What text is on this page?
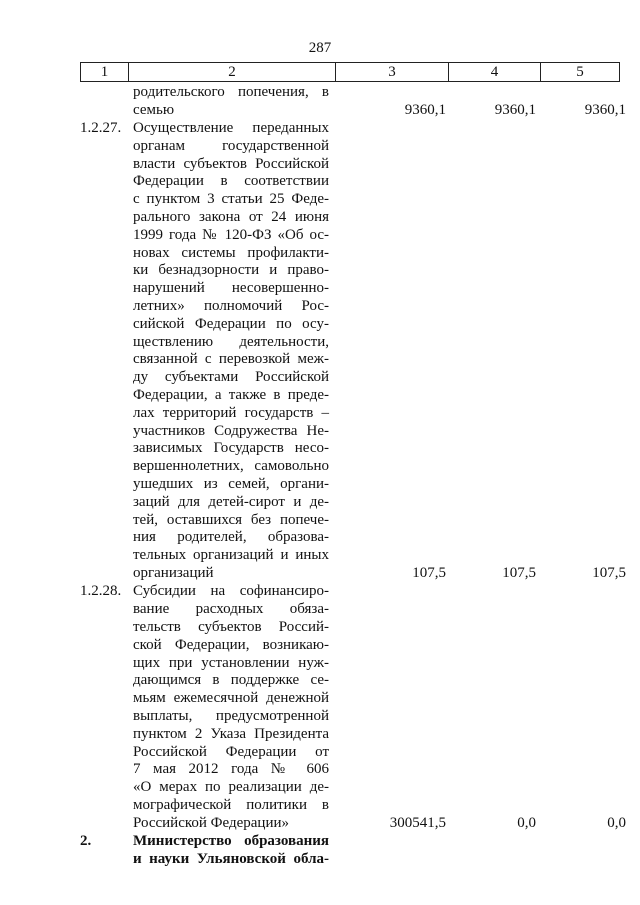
287
1	2	3	4	5
родительского попечения, в
семью	9360,1	9360,1	9360,1
1.2.27. Осуществление переданных
органам государственной
власти субъектов Российской
Федерации в соответствии
с пунктом 3 статьи 25 Феде-
рального закона от 24 июня
1999 года № 120-ФЗ «Об ос-
новах системы профилакти-
ки безнадзорности и право-
нарушений несовершенно-
летних» полномочий Рос-
сийской Федерации по осу-
ществлению деятельности,
связанной с перевозкой меж-
ду субъектами Российской
Федерации, а также в преде-
лах территорий государств –
участников Содружества Не-
зависимых Государств несо-
вершеннолетних, самовольно
ушедших из семей, органи-
заций для детей-сирот и де-
тей, оставшихся без попече-
ния родителей, образова-
тельных организаций и иных
организаций	107,5	107,5	107,5
1.2.28. Субсидии на софинансиро-
вание расходных обяза-
тельств субъектов Россий-
ской Федерации, возникаю-
щих при установлении нуж-
дающимся в поддержке се-
мьям ежемесячной денежной
выплаты, предусмотренной
пунктом 2 Указа Президента
Российской Федерации от
7 мая 2012 года № 606
«О мерах по реализации де-
мографической политики в
Российской Федерации»	300541,5	0,0	0,0
2.	Министерство образования
и науки Ульяновской обла-
